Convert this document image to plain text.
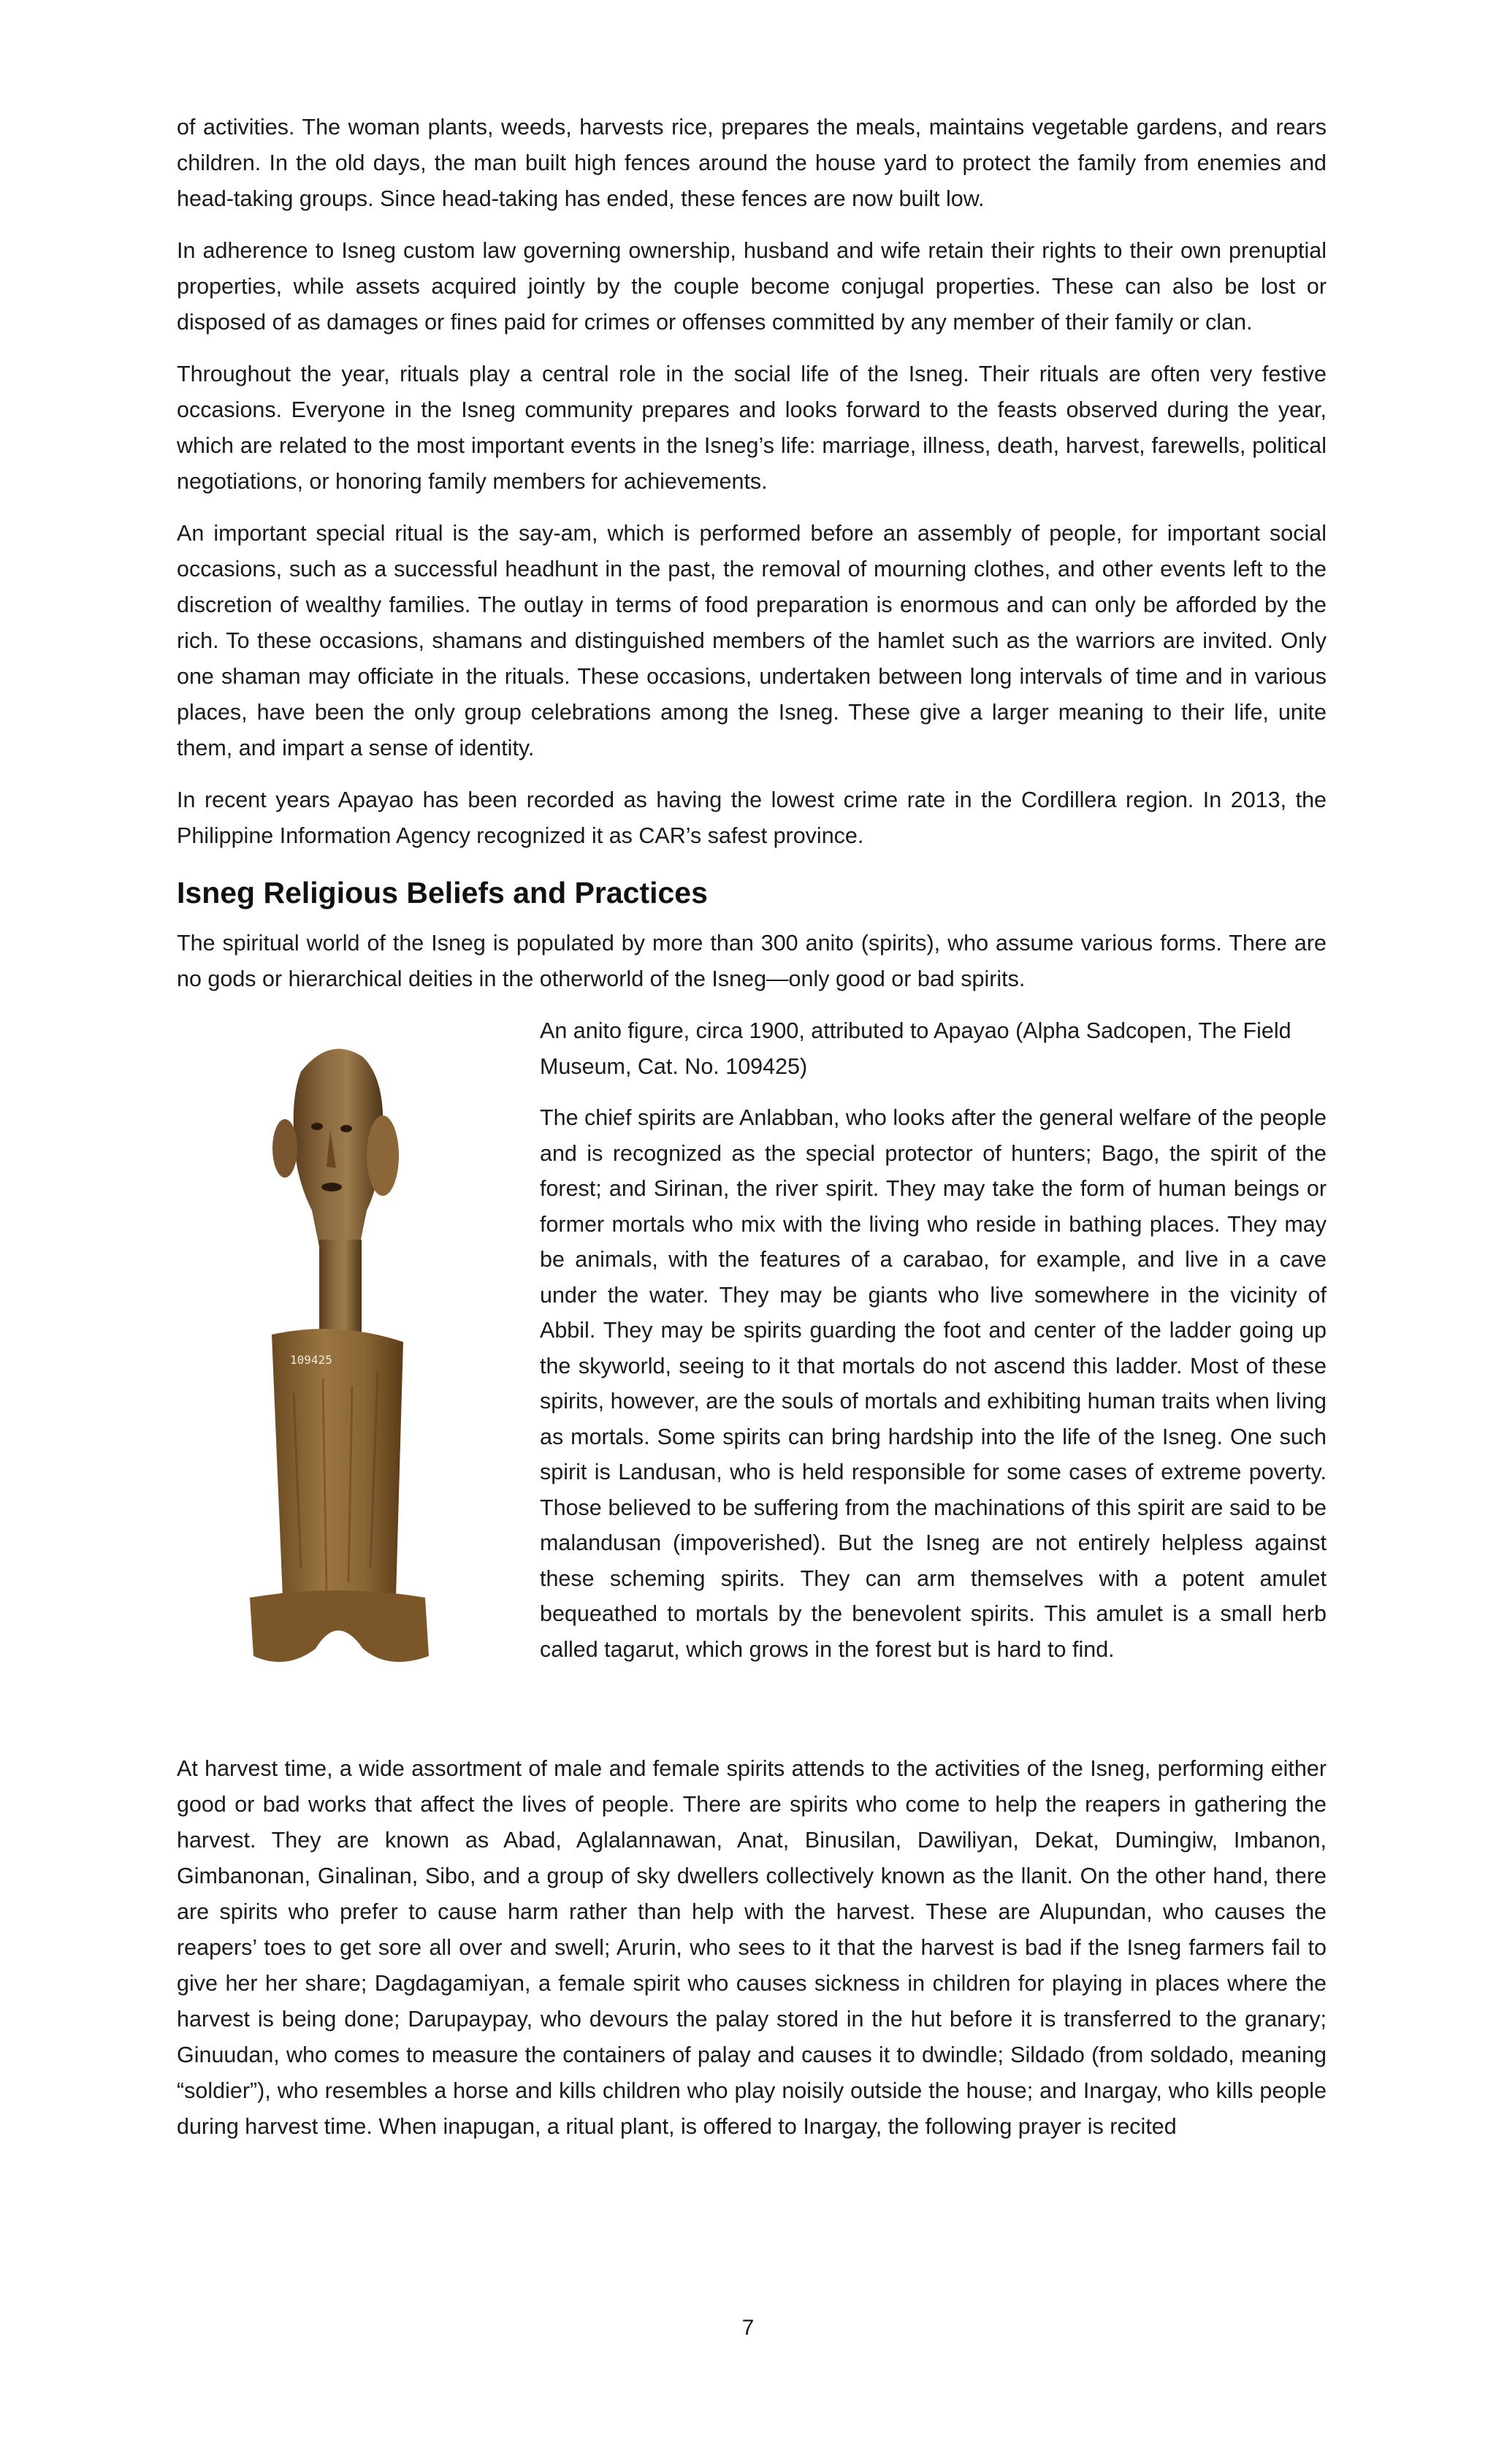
of activities. The woman plants, weeds, harvests rice, prepares the meals, maintains vegetable gardens, and rears children. In the old days, the man built high fences around the house yard to protect the family from enemies and head-taking groups. Since head-taking has ended, these fences are now built low.

In adherence to Isneg custom law governing ownership, husband and wife retain their rights to their own prenuptial properties, while assets acquired jointly by the couple become conjugal properties. These can also be lost or disposed of as damages or fines paid for crimes or offenses committed by any member of their family or clan.

Throughout the year, rituals play a central role in the social life of the Isneg. Their rituals are often very festive occasions. Everyone in the Isneg community prepares and looks forward to the feasts observed during the year, which are related to the most important events in the Isneg’s life: marriage, illness, death, harvest, farewells, political negotiations, or honoring family members for achievements.

An important special ritual is the say-am, which is performed before an assembly of people, for important social occasions, such as a successful headhunt in the past, the removal of mourning clothes, and other events left to the discretion of wealthy families. The outlay in terms of food preparation is enormous and can only be afforded by the rich. To these occasions, shamans and distinguished members of the hamlet such as the warriors are invited. Only one shaman may officiate in the rituals. These occasions, undertaken between long intervals of time and in various places, have been the only group celebrations among the Isneg. These give a larger meaning to their life, unite them, and impart a sense of identity.

In recent years Apayao has been recorded as having the lowest crime rate in the Cordillera region. In 2013, the Philippine Information Agency recognized it as CAR’s safest province.

Isneg Religious Beliefs and Practices

The spiritual world of the Isneg is populated by more than 300 anito (spirits), who assume various forms. There are no gods or hierarchical deities in the otherworld of the Isneg—only good or bad spirits.

109425

An anito figure, circa 1900, attributed to Apayao (Alpha Sadcopen, The Field Museum, Cat. No. 109425)

The chief spirits are Anlabban, who looks after the general welfare of the people and is recognized as the special protector of hunters; Bago, the spirit of the forest; and Sirinan, the river spirit. They may take the form of human beings or former mortals who mix with the living who reside in bathing places. They may be animals, with the features of a carabao, for example, and live in a cave under the water. They may be giants who live somewhere in the vicinity of Abbil. They may be spirits guarding the foot and center of the ladder going up the skyworld, seeing to it that mortals do not ascend this ladder. Most of these spirits, however, are the souls of mortals and exhibiting human traits when living as mortals. Some spirits can bring hardship into the life of the Isneg. One such spirit is Landusan, who is held responsible for some cases of extreme poverty. Those believed to be suffering from the machinations of this spirit are said to be malandusan (impoverished). But the Isneg are not entirely helpless against these scheming spirits. They can arm themselves with a potent amulet bequeathed to mortals by the benevolent spirits. This amulet is a small herb called tagarut, which grows in the forest but is hard to find.

At harvest time, a wide assortment of male and female spirits attends to the activities of the Isneg, performing either good or bad works that affect the lives of people. There are spirits who come to help the reapers in gathering the harvest. They are known as Abad, Aglalannawan, Anat, Binusilan, Dawiliyan, Dekat, Dumingiw, Imbanon, Gimbanonan, Ginalinan, Sibo, and a group of sky dwellers collectively known as the llanit. On the other hand, there are spirits who prefer to cause harm rather than help with the harvest. These are Alupundan, who causes the reapers’ toes to get sore all over and swell; Arurin, who sees to it that the harvest is bad if the Isneg farmers fail to give her her share; Dagdagamiyan, a female spirit who causes sickness in children for playing in places where the harvest is being done; Darupaypay, who devours the palay stored in the hut before it is transferred to the granary; Ginuudan, who comes to measure the containers of palay and causes it to dwindle; Sildado (from soldado, meaning “soldier”), who resembles a horse and kills children who play noisily outside the house; and Inargay, who kills people during harvest time. When inapugan, a ritual plant, is offered to Inargay, the following prayer is recited

7
